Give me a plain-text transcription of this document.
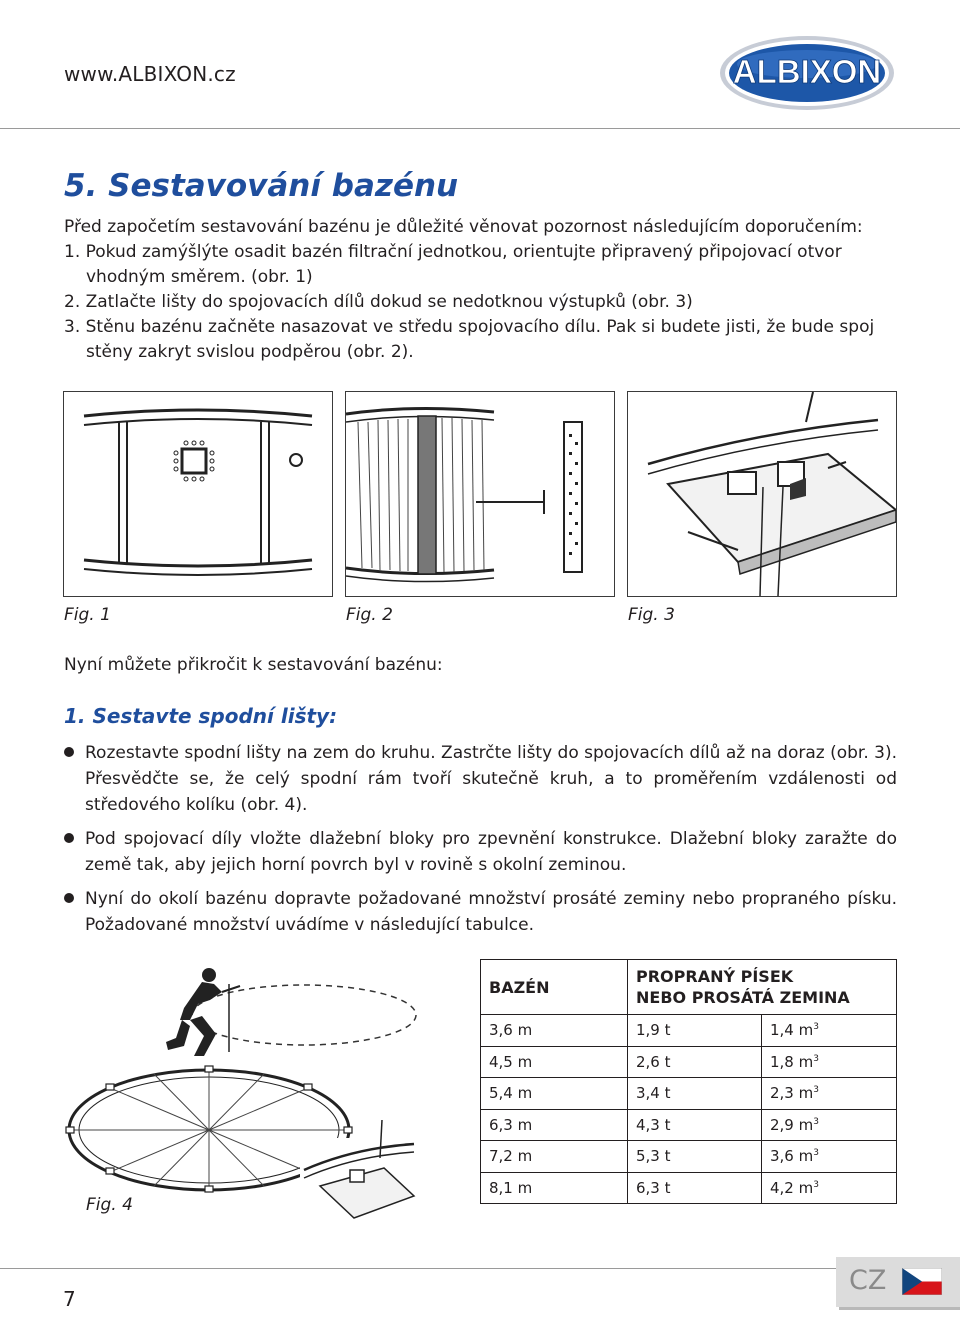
www.ALBIXON.cz	ALBIXON
5. Sestavování bazénu

Před započetím sestavování bazénu je důležité věnovat pozornost následujícím doporučením:

1. Pokud zamýšlýte osadit bazén filtrační jednotkou, orientujte připravený připojovací otvor vhodným směrem. (obr. 1)

2. Zatlačte lišty do spojovacích dílů dokud se nedotknou výstupků (obr. 3)

3. Stěnu bazénu začněte nasazovat ve středu spojovacího dílu. Pak si budete jisti, že bude spoj stěny zakryt svislou podpěrou (obr. 2).

Fig. 1	Fig. 2	Fig. 3
Nyní můžete přikročit k sestavování bazénu:
1. Sestavte spodní lišty:
Rozestavte spodní lišty na zem do kruhu. Zastrčte lišty do spojovacích dílů až na doraz (obr. 3). Přesvědčte se, že celý spodní rám tvoří skutečně kruh, a to proměřením vzdálenosti od středového kolíku (obr. 4).
Pod spojovací díly vložte dlažební bloky pro zpevnění konstrukce. Dlažební bloky zaražte do země tak, aby jejich horní povrch byl v rovině s okolní zeminou.
Nyní do okolí bazénu dopravte požadované množství prosáté zeminy nebo propraného písku. Požadované množství uvádíme v následující tabulce.
Fig. 4
BAZÉN	PROPRANÝ PÍSEK
NEBO PROSÁTÁ ZEMINA	
3,6 m	1,9 t	1,4 $m^3$
4,5 m	2,6 t	1,8 $m^3$
5,4 m	3,4 t	2,3 $m^3$
6,3 m	4,3 t	2,9 $m^3$
7,2 m	5,3 t	3,6 $m^3$
8,1 m	6,3 t	4,2 $m^3$
7
CZ
